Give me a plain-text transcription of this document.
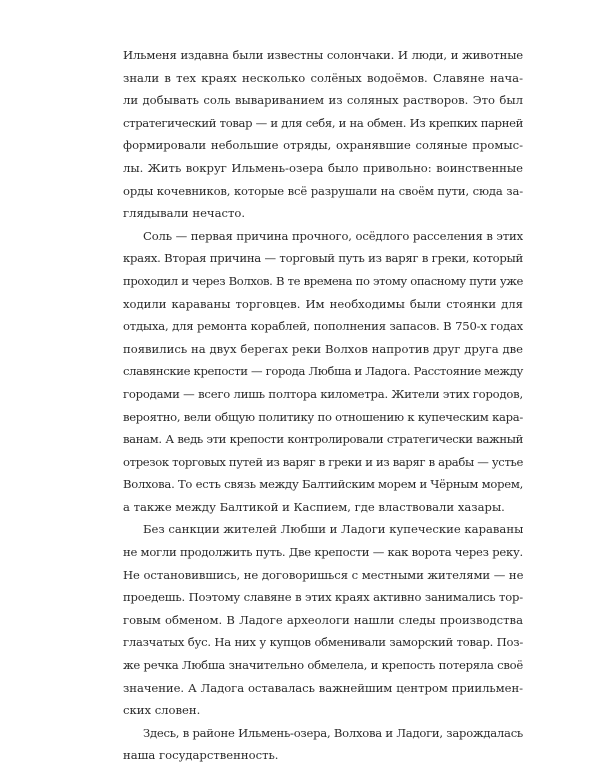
Ильменя издавна были известны солончаки. И люди, и животные
знали в тех краях несколько солёных водоёмов. Славяне нача-
ли добывать соль вывариванием из соляных растворов. Это был
стратегический товар — и для себя, и на обмен. Из крепких парней
формировали небольшие отряды, охранявшие соляные промыс-
лы. Жить вокруг Ильмень-озера было привольно: воинственные
орды кочевников, которые всё разрушали на своём пути, сюда за-
глядывали нечасто.

Соль — первая причина прочного, осёдлого расселения в этих
краях. Вторая причина — торговый путь из варяг в греки, который
проходил и через Волхов. В те времена по этому опасному пути уже
ходили караваны торговцев. Им необходимы были стоянки для
отдыха, для ремонта кораблей, пополнения запасов. В 750-х годах
появились на двух берегах реки Волхов напротив друг друга две
славянские крепости — города Любша и Ладога. Расстояние между
городами — всего лишь полтора километра. Жители этих городов,
вероятно, вели общую политику по отношению к купеческим кара-
ванам. А ведь эти крепости контролировали стратегически важный
отрезок торговых путей из варяг в греки и из варяг в арабы — устье
Волхова. То есть связь между Балтийским морем и Чёрным морем,
а также между Балтикой и Каспием, где властвовали хазары.

Без санкции жителей Любши и Ладоги купеческие караваны
не могли продолжить путь. Две крепости — как ворота через реку.
Не остановившись, не договоришься с местными жителями — не
проедешь. Поэтому славяне в этих краях активно занимались тор-
говым обменом. В Ладоге археологи нашли следы производства
глазчатых бус. На них у купцов обменивали заморский товар. Поз-
же речка Любша значительно обмелела, и крепость потеряла своё
значение. А Ладога оставалась важнейшим центром приильмен-
ских словен.

Здесь, в районе Ильмень-озера, Волхова и Ладоги, зарождалась
наша государственность.
